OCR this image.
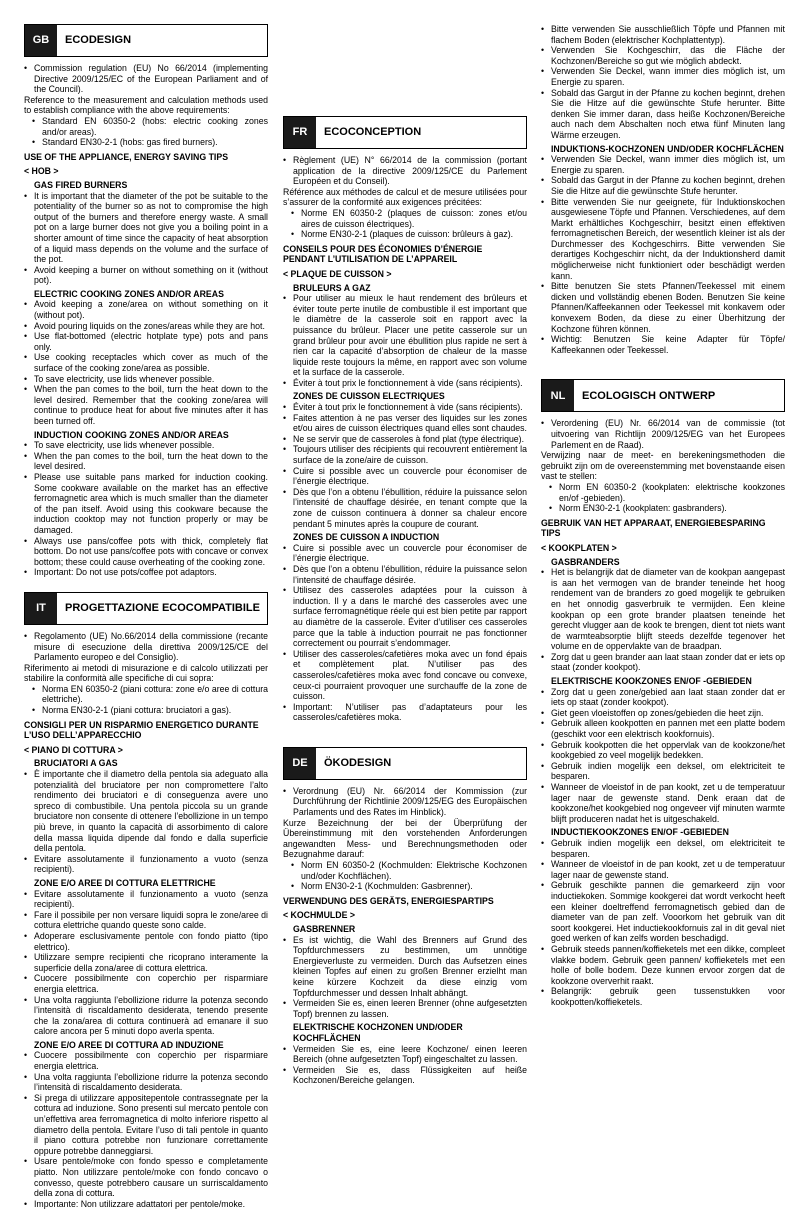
GB	ECODESIGN
• Commission regulation (EU) No 66/2014 (implementing Directive 2009/125/EC of the European Parliament and of the Council).

Reference to the measurement and calculation methods used to establish compliance with the above requirements:

• Standard EN 60350-2 (hobs: electric cooking zones and/or areas).
• Standard EN30-2-1 (hobs: gas fired burners).
USE OF THE APPLIANCE, ENERGY SAVING TIPS
< HOB >
GAS FIRED BURNERS
• It is important that the diameter of the pot be suitable to the potentiality of the burner so as not to compromise the high output of the burners and therefore energy waste. A small pot on a large burner does not give you a boiling point in a shorter amount of time since the capacity of heat absorption of a liquid mass depends on the volume and the surface of the pot.
• Avoid keeping a burner on without something on it (without pot).
ELECTRIC COOKING ZONES AND/OR AREAS
• Avoid keeping a zone/area on without something on it (without pot).
• Avoid pouring liquids on the zones/areas while they are hot.
• Use flat-bottomed (electric hotplate type) pots and pans only.
• Use cooking receptacles which cover as much of the surface of the cooking zone/area as possible.
• To save electricity, use lids whenever possible.
• When the pan comes to the boil, turn the heat down to the level desired. Remember that the cooking zone/area will continue to produce heat for about five minutes after it has been turned off.
INDUCTION COOKING ZONES AND/OR AREAS
• To save electricity, use lids whenever possible.
• When the pan comes to the boil, turn the heat down to the level desired.
• Please use suitable pans marked for induction cooking. Some cookware available on the market has an effective ferromagnetic area which is much smaller than the diameter of the pan itself. Avoid using this cookware because the induction cooktop may not function properly or may be damaged.
• Always use pans/coffee pots with thick, completely flat bottom. Do not use pans/coffee pots with concave or convex bottom; these could cause overheating of the cooking zone.
• Important: Do not use pots/coffee pot adaptors.
IT	PROGETTAZIONE ECOCOMPATIBILE
• Regolamento (UE) No.66/2014 della commissione (recante misure di esecuzione della direttiva 2009/125/CE del Parlamento europeo e del Consiglio).

Riferimento ai metodi di misurazione e di calcolo utilizzati per stabilire la conformità alle specifiche di cui sopra:

• Norma EN 60350-2 (piani cottura: zone e/o aree di cottura elettriche).
• Norma EN30-2-1 (piani cottura: bruciatori a gas).
CONSIGLI PER UN RISPARMIO ENERGETICO DURANTE L’USO DELL’APPARECCHIO
< PIANO DI COTTURA >
BRUCIATORI A GAS
• È importante che il diametro della pentola sia adeguato alla potenzialità del bruciatore per non compromettere l’alto rendimento dei bruciatori e di conseguenza avere uno spreco di combustibile. Una pentola piccola su un grande bruciatore non consente di ottenere l’ebollizione in un tempo più breve, in quanto la capacità di assorbimento di calore della massa liquida dipende dal fondo e dalla superficie della pentola.
• Evitare assolutamente il funzionamento a vuoto (senza recipienti).
ZONE E/O AREE DI COTTURA ELETTRICHE
• Evitare assolutamente il funzionamento a vuoto (senza recipienti).
• Fare il possibile per non versare liquidi sopra le zone/aree di cottura elettriche quando queste sono calde.
• Adoperare esclusivamente pentole con fondo piatto (tipo elettrico).
• Utilizzare sempre recipienti che ricoprano interamente la superficie della zona/aree di cottura elettrica.
• Cuocere possibilmente con coperchio per risparmiare energia elettrica.
• Una volta raggiunta l’ebollizione ridurre la potenza secondo l’intensità di riscaldamento desiderata, tenendo presente che la zona/area di cottura continuerà ad emanare il suo calore ancora per 5 minuti dopo averla spenta.
ZONE E/O AREE DI COTTURA AD INDUZIONE
• Cuocere possibilmente con coperchio per risparmiare energia elettrica.
• Una volta raggiunta l’ebollizione ridurre la potenza secondo l’intensità di riscaldamento desiderata.
• Si prega di utilizzare appositepentole contrassegnate per la cottura ad induzione. Sono presenti sul mercato pentole con un’effettiva area ferromagnetica di molto inferiore rispetto al diametro della pentola. Evitare l’uso di tali pentole in quanto il piano cottura potrebbe non funzionare correttamente oppure potrebbe danneggiarsi.
• Usare pentole/moke con fondo spesso e completamente piatto. Non utilizzare pentole/moke con fondo concavo o convesso, queste potrebbero causare un surriscaldamento della zona di cottura.
• Importante: Non utilizzare adattatori per pentole/moke.
FR	ECOCONCEPTION
• Règlement (UE) N° 66/2014 de la commission (portant application de la directive 2009/125/CE du Parlement Européen et du Conseil).

Référence aux méthodes de calcul et de mesure utilisées pour s’assurer de la conformité aux exigences précitées:

• Norme EN 60350-2 (plaques de cuisson: zones et/ou aires de cuisson électriques).
• Norme EN30-2-1 (plaques de cuisson: brûleurs à gaz).
CONSEILS POUR DES ÉCONOMIES D’ÉNERGIE PENDANT L’UTILISATION DE L’APPAREIL
< PLAQUE DE CUISSON >
BRULEURS A GAZ
• Pour utiliser au mieux le haut rendement des brûleurs et éviter toute perte inutile de combustible il est important que le diamètre de la casserole soit en rapport avec la puissance du brûleur. Placer une petite casserole sur un grand brûleur pour avoir une ébullition plus rapide ne sert à rien car la capacité d’absorption de chaleur de la masse liquide reste toujours la même, en rapport avec son volume et la surface de la casserole.
• Éviter à tout prix le fonctionnement à vide (sans récipients).
ZONES DE CUISSON ELECTRIQUES
• Éviter à tout prix le fonctionnement à vide (sans récipients).
• Faites attention à ne pas verser des liquides sur les zones et/ou aires de cuisson électriques quand elles sont chaudes.
• Ne se servir que de casseroles à fond plat (type électrique).
• Toujours utiliser des récipients qui recouvrent entièrement la surface de la zone/aire de cuisson.
• Cuire si possible avec un couvercle pour économiser de l’énergie électrique.
• Dès que l’on a obtenu l’ébullition, réduire la puissance selon l’intensité de chauffage désirée, en tenant compte que la zone de cuisson continuera à donner sa chaleur encore pendant 5 minutes après la coupure de courant.
ZONES DE CUISSON A INDUCTION
• Cuire si possible avec un couvercle pour économiser de l’énergie électrique.
• Dès que l’on a obtenu l’ébullition, réduire la puissance selon l’intensité de chauffage désirée.
• Utilisez des casseroles adaptées pour la cuisson à induction. Il y a dans le marché des casseroles avec une surface ferromagnétique réele qui est bien petite par rapport au diamètre de la casserole. Éviter d’utiliser ces casseroles parce que la table à induction pourrait ne pas fonctionner correctement ou pourrait s’endommager.
• Utiliser des casseroles/cafetières moka avec un fond épais et complètement plat. N’utiliser pas des casseroles/cafetières moka avec fond concave ou convexe, ceux-ci pourraient provoquer une surchauffe de la zone de cuisson.
• Important: N’utiliser pas d’adaptateurs pour les casseroles/cafetières moka.
DE	ÖKODESIGN
• Verordnung (EU) Nr. 66/2014 der Kommission (zur Durchführung der Richtlinie 2009/125/EG des Europäischen Parlaments und des Rates im Hinblick).

Kurze Bezeichnung der bei der Überprüfung der Übereinstimmung mit den vorstehenden Anforderungen angewandten Mess- und Berechnungsmethoden oder Bezugnahme darauf:

• Norm EN 60350-2 (Kochmulden: Elektrische Kochzonen und/oder Kochflächen).
• Norm EN30-2-1 (Kochmulden: Gasbrenner).
VERWENDUNG DES GERÄTS, ENERGIESPARTIPS
< KOCHMULDE >
GASBRENNER
• Es ist wichtig, die Wahl des Brenners auf Grund des Topfdurchmessers zu bestimmen, um unnötige Energieverluste zu vermeiden. Durch das Aufsetzen eines kleinen Topfes auf einen zu großen Brenner erzielht man keine kürzere Kochzeit da diese einzig vom Topfdurchmesser und dessen Inhalt abhängt.
• Vermeiden Sie es, einen leeren Brenner (ohne aufgesetzten Topf) brennen zu lassen.
ELEKTRISCHE KOCHZONEN UND/ODER KOCHFLÄCHEN
• Vermeiden Sie es, eine leere Kochzone/ einen leeren Bereich (ohne aufgesetzten Topf) eingeschaltet zu lassen.
• Vermeiden Sie es, dass Flüssigkeiten auf heiße Kochzonen/Bereiche gelangen.
• Bitte verwenden Sie ausschließlich Töpfe und Pfannen mit flachem Boden (elektrischer Kochplattentyp).
• Verwenden Sie Kochgeschirr, das die Fläche der Kochzonen/Bereiche so gut wie möglich abdeckt.
• Verwenden Sie Deckel, wann immer dies möglich ist, um Energie zu sparen.
• Sobald das Gargut in der Pfanne zu kochen beginnt, drehen Sie die Hitze auf die gewünschte Stufe herunter. Bitte denken Sie immer daran, dass heiße Kochzonen/Bereiche auch nach dem Abschalten noch etwa fünf Minuten lang Wärme erzeugen.
INDUKTIONS-KOCHZONEN UND/ODER KOCHFLÄCHEN
• Verwenden Sie Deckel, wann immer dies möglich ist, um Energie zu sparen.
• Sobald das Gargut in der Pfanne zu kochen beginnt, drehen Sie die Hitze auf die gewünschte Stufe herunter.
• Bitte verwenden Sie nur geeignete, für Induktionskochen ausgewiesene Töpfe und Pfannen. Verschiedenes, auf dem Markt erhältliches Kochgeschirr, besitzt einen effektiven ferromagnetischen Bereich, der wesentlich kleiner ist als der Durchmesser des Kochgeschirrs. Bitte verwenden Sie derartiges Kochgeschirr nicht, da der Induktionsherd damit möglicherweise nicht funktioniert oder beschädigt werden kann.
• Bitte benutzen Sie stets Pfannen/Teekessel mit einem dicken und vollständig ebenen Boden. Benutzen Sie keine Pfannen/Kaffeekannen oder Teekessel mit konkavem oder konvexem Boden, da diese zu einer Überhitzung der Kochzone führen können.
• Wichtig: Benutzen Sie keine Adapter für Töpfe/ Kaffeekannen oder Teekessel.
NL	ECOLOGISCH ONTWERP
• Verordening (EU) Nr. 66/2014 van de commissie (tot uitvoering van Richtlijn 2009/125/EG van het Europees Parlement en de Raad).

Verwijzing naar de meet- en berekeningsmethoden die gebruikt zijn om de overeenstemming met bovenstaande eisen vast te stellen:

• Norm EN 60350-2 (kookplaten: elektrische kookzones en/of -gebieden).
• Norm EN30-2-1 (kookplaten: gasbranders).
GEBRUIK VAN HET APPARAAT, ENERGIEBESPARING TIPS
< KOOKPLATEN >
GASBRANDERS
• Het is belangrijk dat de diameter van de kookpan aangepast is aan het vermogen van de brander teneinde het hoog rendement van de branders zo goed mogelijk te gebruiken en het onnodig gasverbruik te vermijden. Een kleine kookpan op een grote brander plaatsen teneinde het gerecht vlugger aan de kook te brengen, dient tot niets want de warmteabsorptie blijft steeds dezelfde tegenover het volume en de oppervlakte van de braadpan.
• Zorg dat u geen brander aan laat staan zonder dat er iets op staat (zonder kookpot).
ELEKTRISCHE KOOKZONES EN/OF -GEBIEDEN
• Zorg dat u geen zone/gebied aan laat staan zonder dat er iets op staat (zonder kookpot).
• Giet geen vloeistoffen op zones/gebieden die heet zijn.
• Gebruik alleen kookpotten en pannen met een platte bodem (geschikt voor een elektrisch kookfornuis).
• Gebruik kookpotten die het oppervlak van de kookzone/het kookgebied zo veel mogelijk bedekken.
• Gebruik indien mogelijk een deksel, om elektriciteit te besparen.
• Wanneer de vloeistof in de pan kookt, zet u de temperatuur lager naar de gewenste stand. Denk eraan dat de kookzone/het kookgebied nog ongeveer vijf minuten warmte blijft produceren nadat het is uitgeschakeld.
INDUCTIEKOOKZONES EN/OF -GEBIEDEN
• Gebruik indien mogelijk een deksel, om elektriciteit te besparen.
• Wanneer de vloeistof in de pan kookt, zet u de temperatuur lager naar de gewenste stand.
• Gebruik geschikte pannen die gemarkeerd zijn voor inductiekoken. Sommige kookgerei dat wordt verkocht heeft een kleiner doeltreffend ferromagnetisch gebied dan de diameter van de pan zelf. Vooorkom het gebruik van dit soort kookgerei. Het inductiekookfornuis zal in dit geval niet goed werken of kan zelfs worden beschadigd.
• Gebruik steeds pannen/koffieketels met een dikke, compleet vlakke bodem. Gebruik geen pannen/ koffieketels met een holle of bolle bodem. Deze kunnen ervoor zorgen dat de kookzone oververhit raakt.
• Belangrijk: gebruik geen tussenstukken voor kookpotten/koffieketels.
